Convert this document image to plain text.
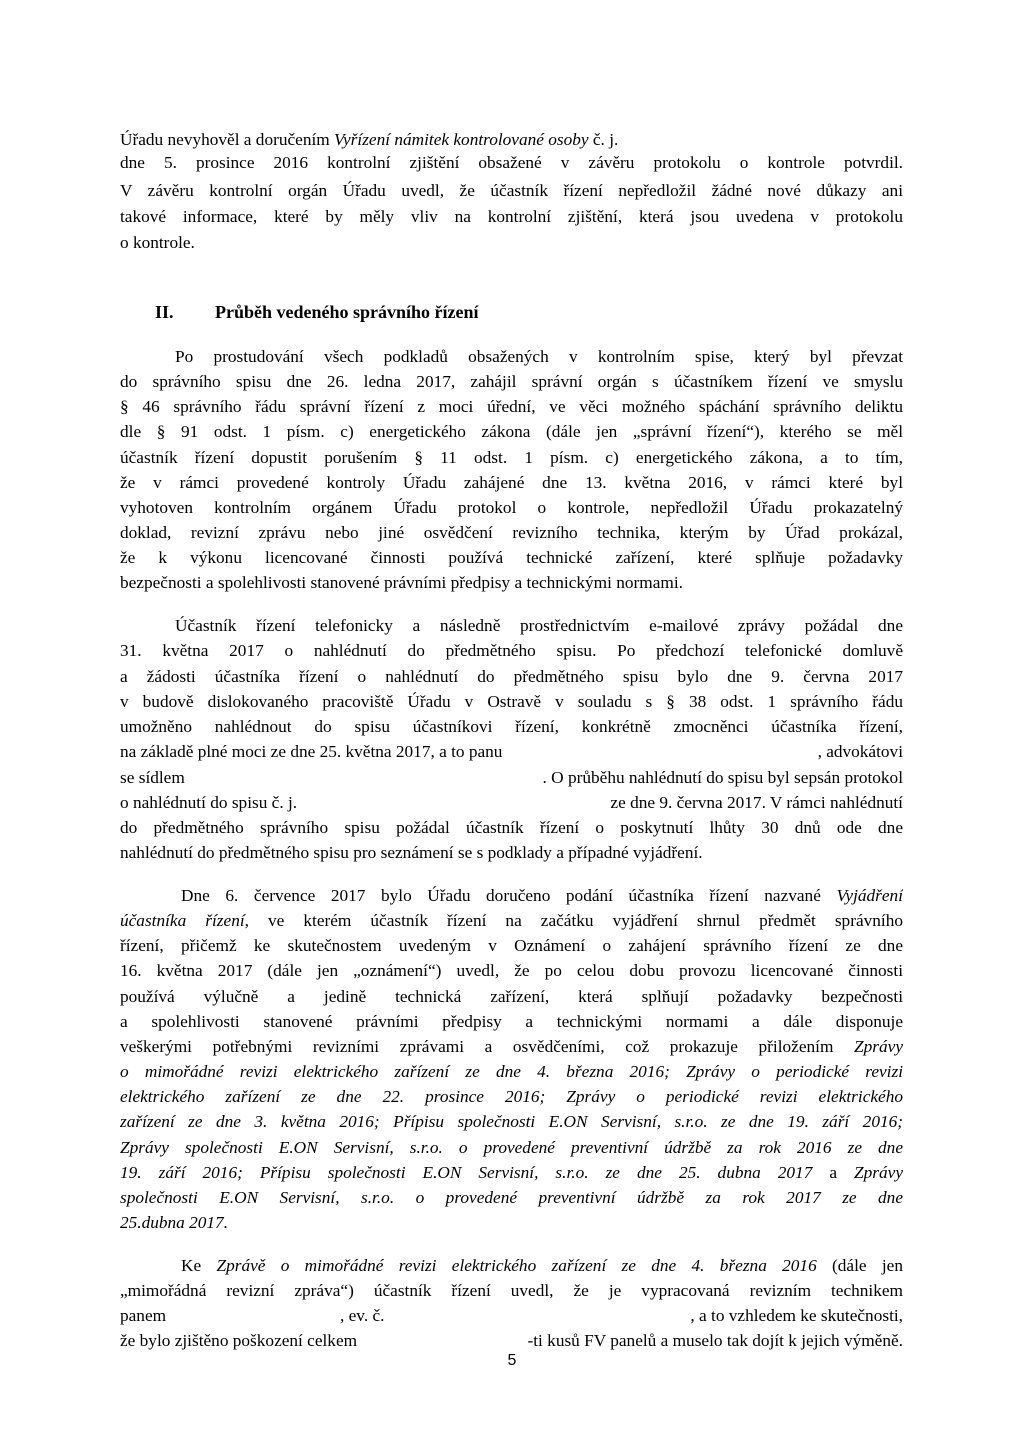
Úřadu nevyhověl a doručením Vyřízení námitek kontrolované osoby č. j.
dne 5. prosince 2016 kontrolní zjištění obsažené v závěru protokolu o kontrole potvrdil.
V závěru kontrolní orgán Úřadu uvedl, že účastník řízení nepředložil žádné nové důkazy ani
takové informace, které by měly vliv na kontrolní zjištění, která jsou uvedena v protokolu
o kontrole.
II. Průběh vedeného správního řízení
Po prostudování všech podkladů obsažených v kontrolním spise, který byl převzat
do správního spisu dne 26. ledna 2017, zahájil správní orgán s účastníkem řízení ve smyslu
§ 46 správního řádu správní řízení z moci úřední, ve věci možného spáchání správního deliktu
dle § 91 odst. 1 písm. c) energetického zákona (dále jen „správní řízení“), kterého se měl
účastník řízení dopustit porušením § 11 odst. 1 písm. c) energetického zákona, a to tím,
že v rámci provedené kontroly Úřadu zahájené dne 13. května 2016, v rámci které byl
vyhotoven kontrolním orgánem Úřadu protokol o kontrole, nepředložil Úřadu prokazatelný
doklad, revizní zprávu nebo jiné osvědčení revizního technika, kterým by Úřad prokázal,
že k výkonu licencované činnosti používá technické zařízení, které splňuje požadavky
bezpečnosti a spolehlivosti stanovené právními předpisy a technickými normami.
Účastník řízení telefonicky a následně prostřednictvím e-mailové zprávy požádal dne
31. května 2017 o nahlédnutí do předmětného spisu. Po předchozí telefonické domluvě
a žádosti účastníka řízení o nahlédnutí do předmětného spisu bylo dne 9. června 2017
v budově dislokovaného pracoviště Úřadu v Ostravě v souladu s § 38 odst. 1 správního řádu
umožněno nahlédnout do spisu účastníkovi řízení, konkrétně zmocněnci účastníka řízení,
na základě plné moci ze dne 25. května 2017, a to panu	, advokátovi
se sídlem	. O průběhu nahlédnutí do spisu byl sepsán protokol
o nahlédnutí do spisu č. j.	ze dne 9. června 2017. V rámci nahlédnutí
do předmětného správního spisu požádal účastník řízení o poskytnutí lhůty 30 dnů ode dne
nahlédnutí do předmětného spisu pro seznámení se s podklady a případné vyjádření.
Dne 6. července 2017 bylo Úřadu doručeno podání účastníka řízení nazvané Vyjádření
účastníka řízení, ve kterém účastník řízení na začátku vyjádření shrnul předmět správního
řízení, přičemž ke skutečnostem uvedeným v Oznámení o zahájení správního řízení ze dne
16. května 2017 (dále jen „oznámení“) uvedl, že po celou dobu provozu licencované činnosti
používá výlučně a jedině technická zařízení, která splňují požadavky bezpečnosti
a spolehlivosti stanovené právními předpisy a technickými normami a dále disponuje
veškerými potřebnými revizními zprávami a osvědčeními, což prokazuje přiložením Zprávy
o mimořádné revizi elektrického zařízení ze dne 4. března 2016; Zprávy o periodické revizi
elektrického zařízení ze dne 22. prosince 2016; Zprávy o periodické revizi elektrického
zařízení ze dne 3. května 2016; Přípisu společnosti E.ON Servisní, s.r.o. ze dne 19. září 2016;
Zprávy společnosti E.ON Servisní, s.r.o. o provedené preventivní údržbě za rok 2016 ze dne
19. září 2016; Přípisu společnosti E.ON Servisní, s.r.o. ze dne 25. dubna 2017 a Zprávy
společnosti E.ON Servisní, s.r.o. o provedené preventivní údržbě za rok 2017 ze dne
25.dubna 2017.
Ke Zprávě o mimořádné revizi elektrického zařízení ze dne 4. března 2016 (dále jen
„mimořádná revizní zpráva“) účastník řízení uvedl, že je vypracovaná revizním technikem
panem	, ev. č.	, a to vzhledem ke skutečnosti,
že bylo zjištěno poškození celkem	-ti kusů FV panelů a muselo tak dojít k jejich výměně.
5
